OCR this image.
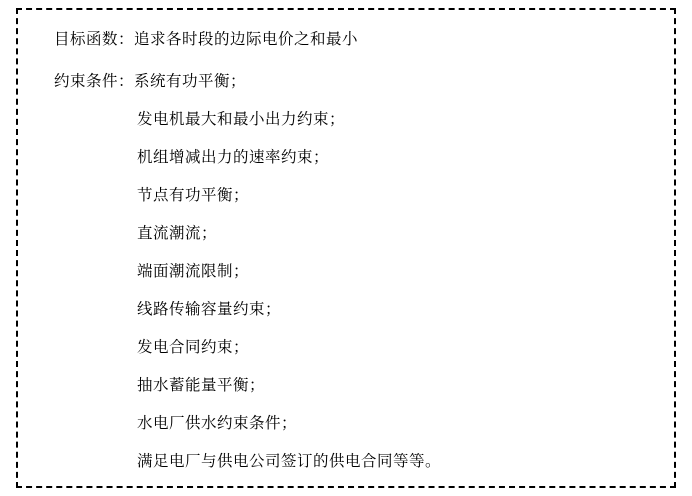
目标函数： 追求各时段的边际电价之和最小
约束条件： 系统有功平衡；
发电机最大和最小出力约束；
机组增减出力的速率约束；
节点有功平衡；
直流潮流；
端面潮流限制；
线路传输容量约束；
发电合同约束；
抽水蓄能量平衡；
水电厂供水约束条件；
满足电厂与供电公司签订的供电合同等等。
